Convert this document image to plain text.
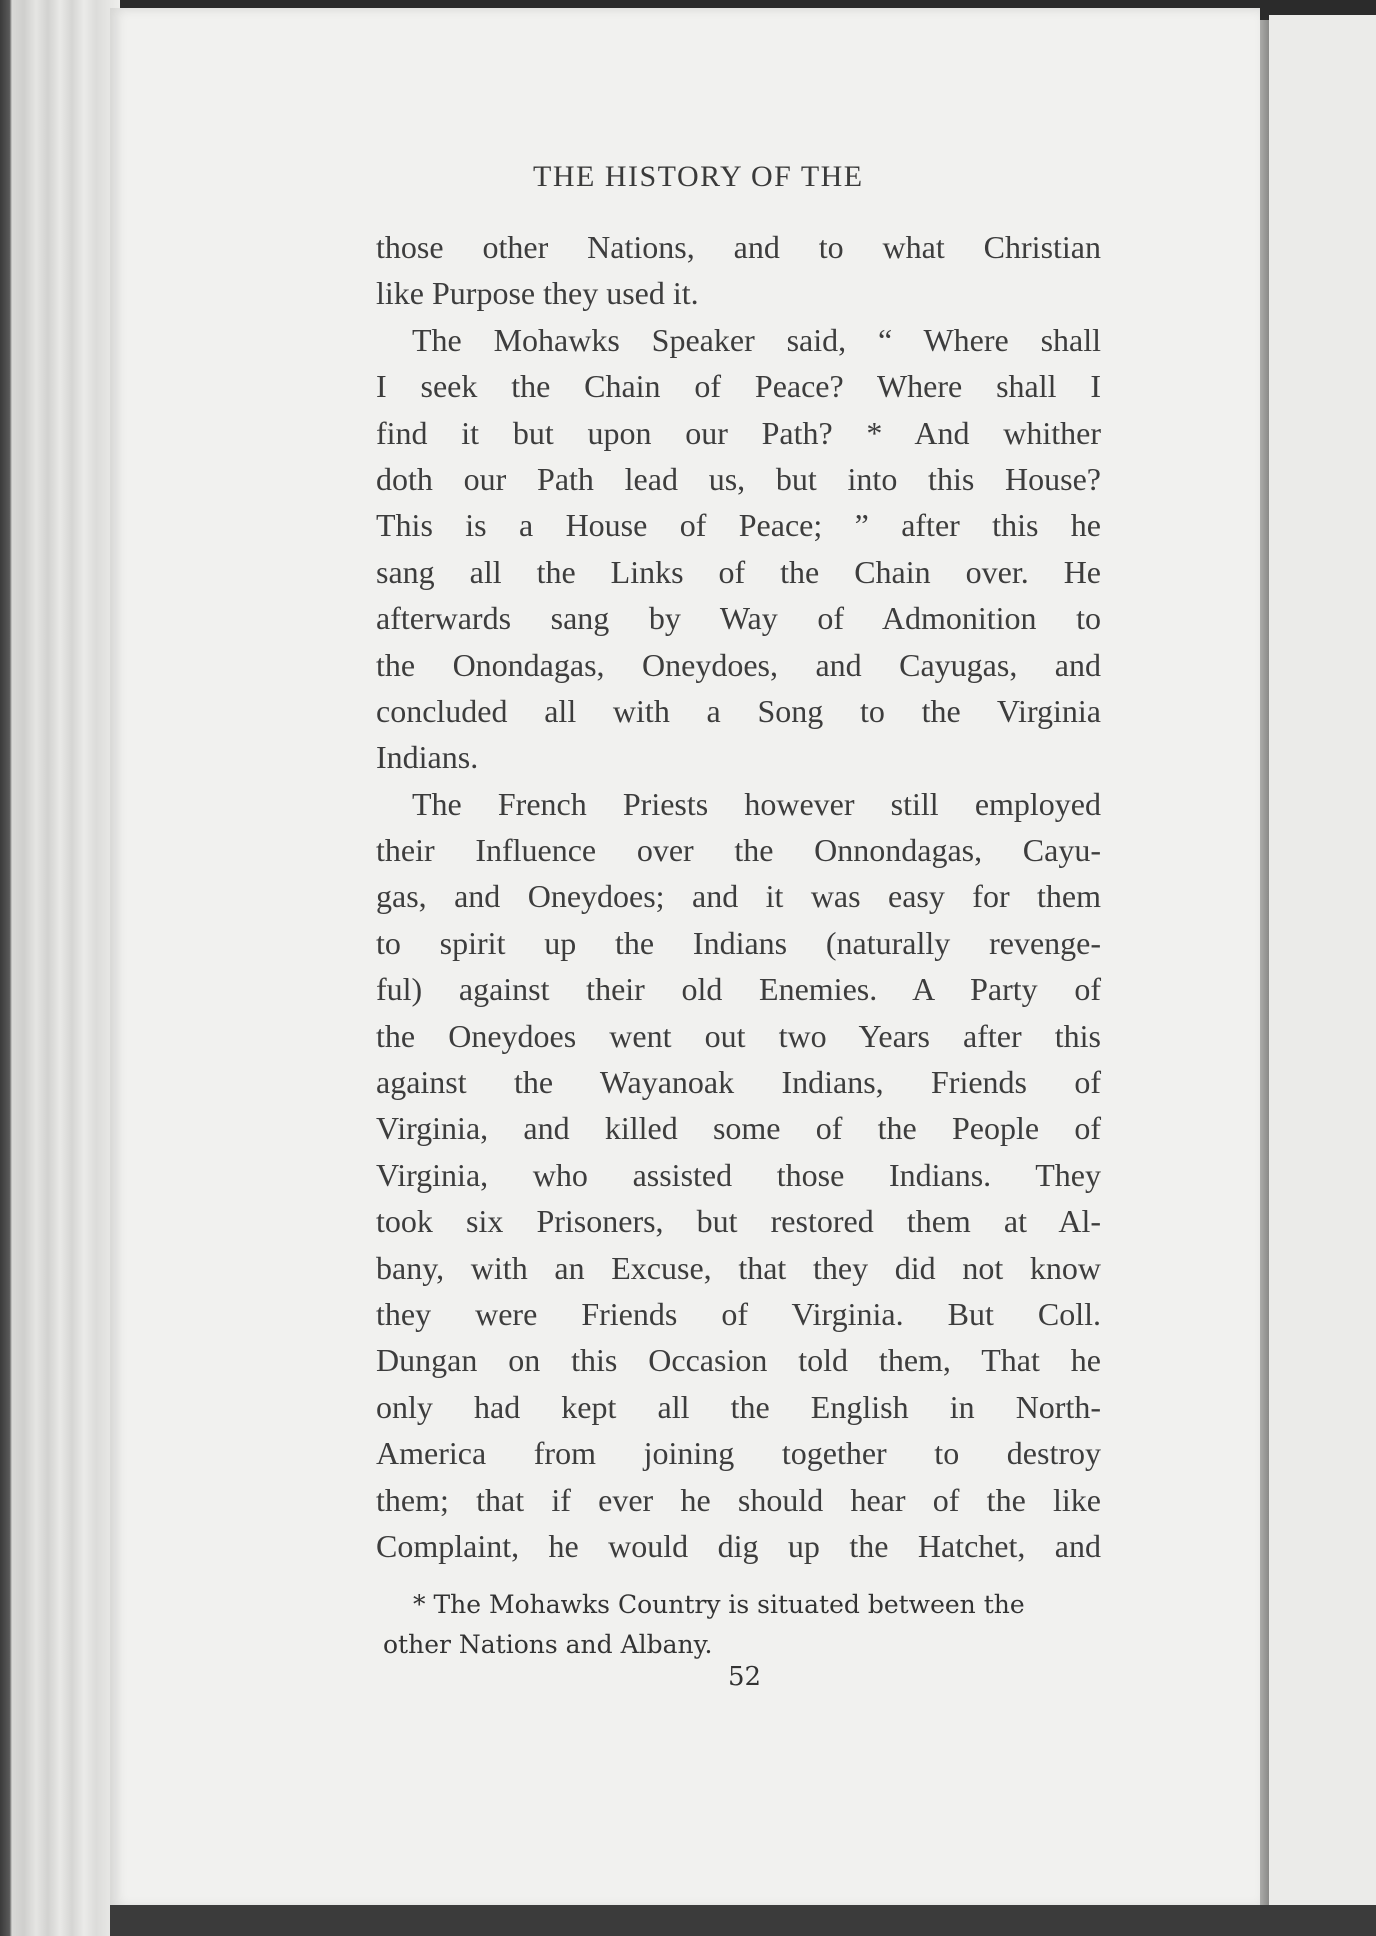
THE HISTORY OF THE
those other Nations, and to what Christian
like Purpose they used it.
The Mohawks Speaker said, “ Where shall
I seek the Chain of Peace? Where shall I
find it but upon our Path? * And whither
doth our Path lead us, but into this House?
This is a House of Peace; ” after this he
sang all the Links of the Chain over. He
afterwards sang by Way of Admonition to
the Onondagas, Oneydoes, and Cayugas, and
concluded all with a Song to the Virginia
Indians.
The French Priests however still employed
their Influence over the Onnondagas, Cayu-
gas, and Oneydoes; and it was easy for them
to spirit up the Indians (naturally revenge-
ful) against their old Enemies. A Party of
the Oneydoes went out two Years after this
against the Wayanoak Indians, Friends of
Virginia, and killed some of the People of
Virginia, who assisted those Indians. They
took six Prisoners, but restored them at Al-
bany, with an Excuse, that they did not know
they were Friends of Virginia. But Coll.
Dungan on this Occasion told them, That he
only had kept all the English in North-
America from joining together to destroy
them; that if ever he should hear of the like
Complaint, he would dig up the Hatchet, and
* The Mohawks Country is situated between the
other Nations and Albany.
52
